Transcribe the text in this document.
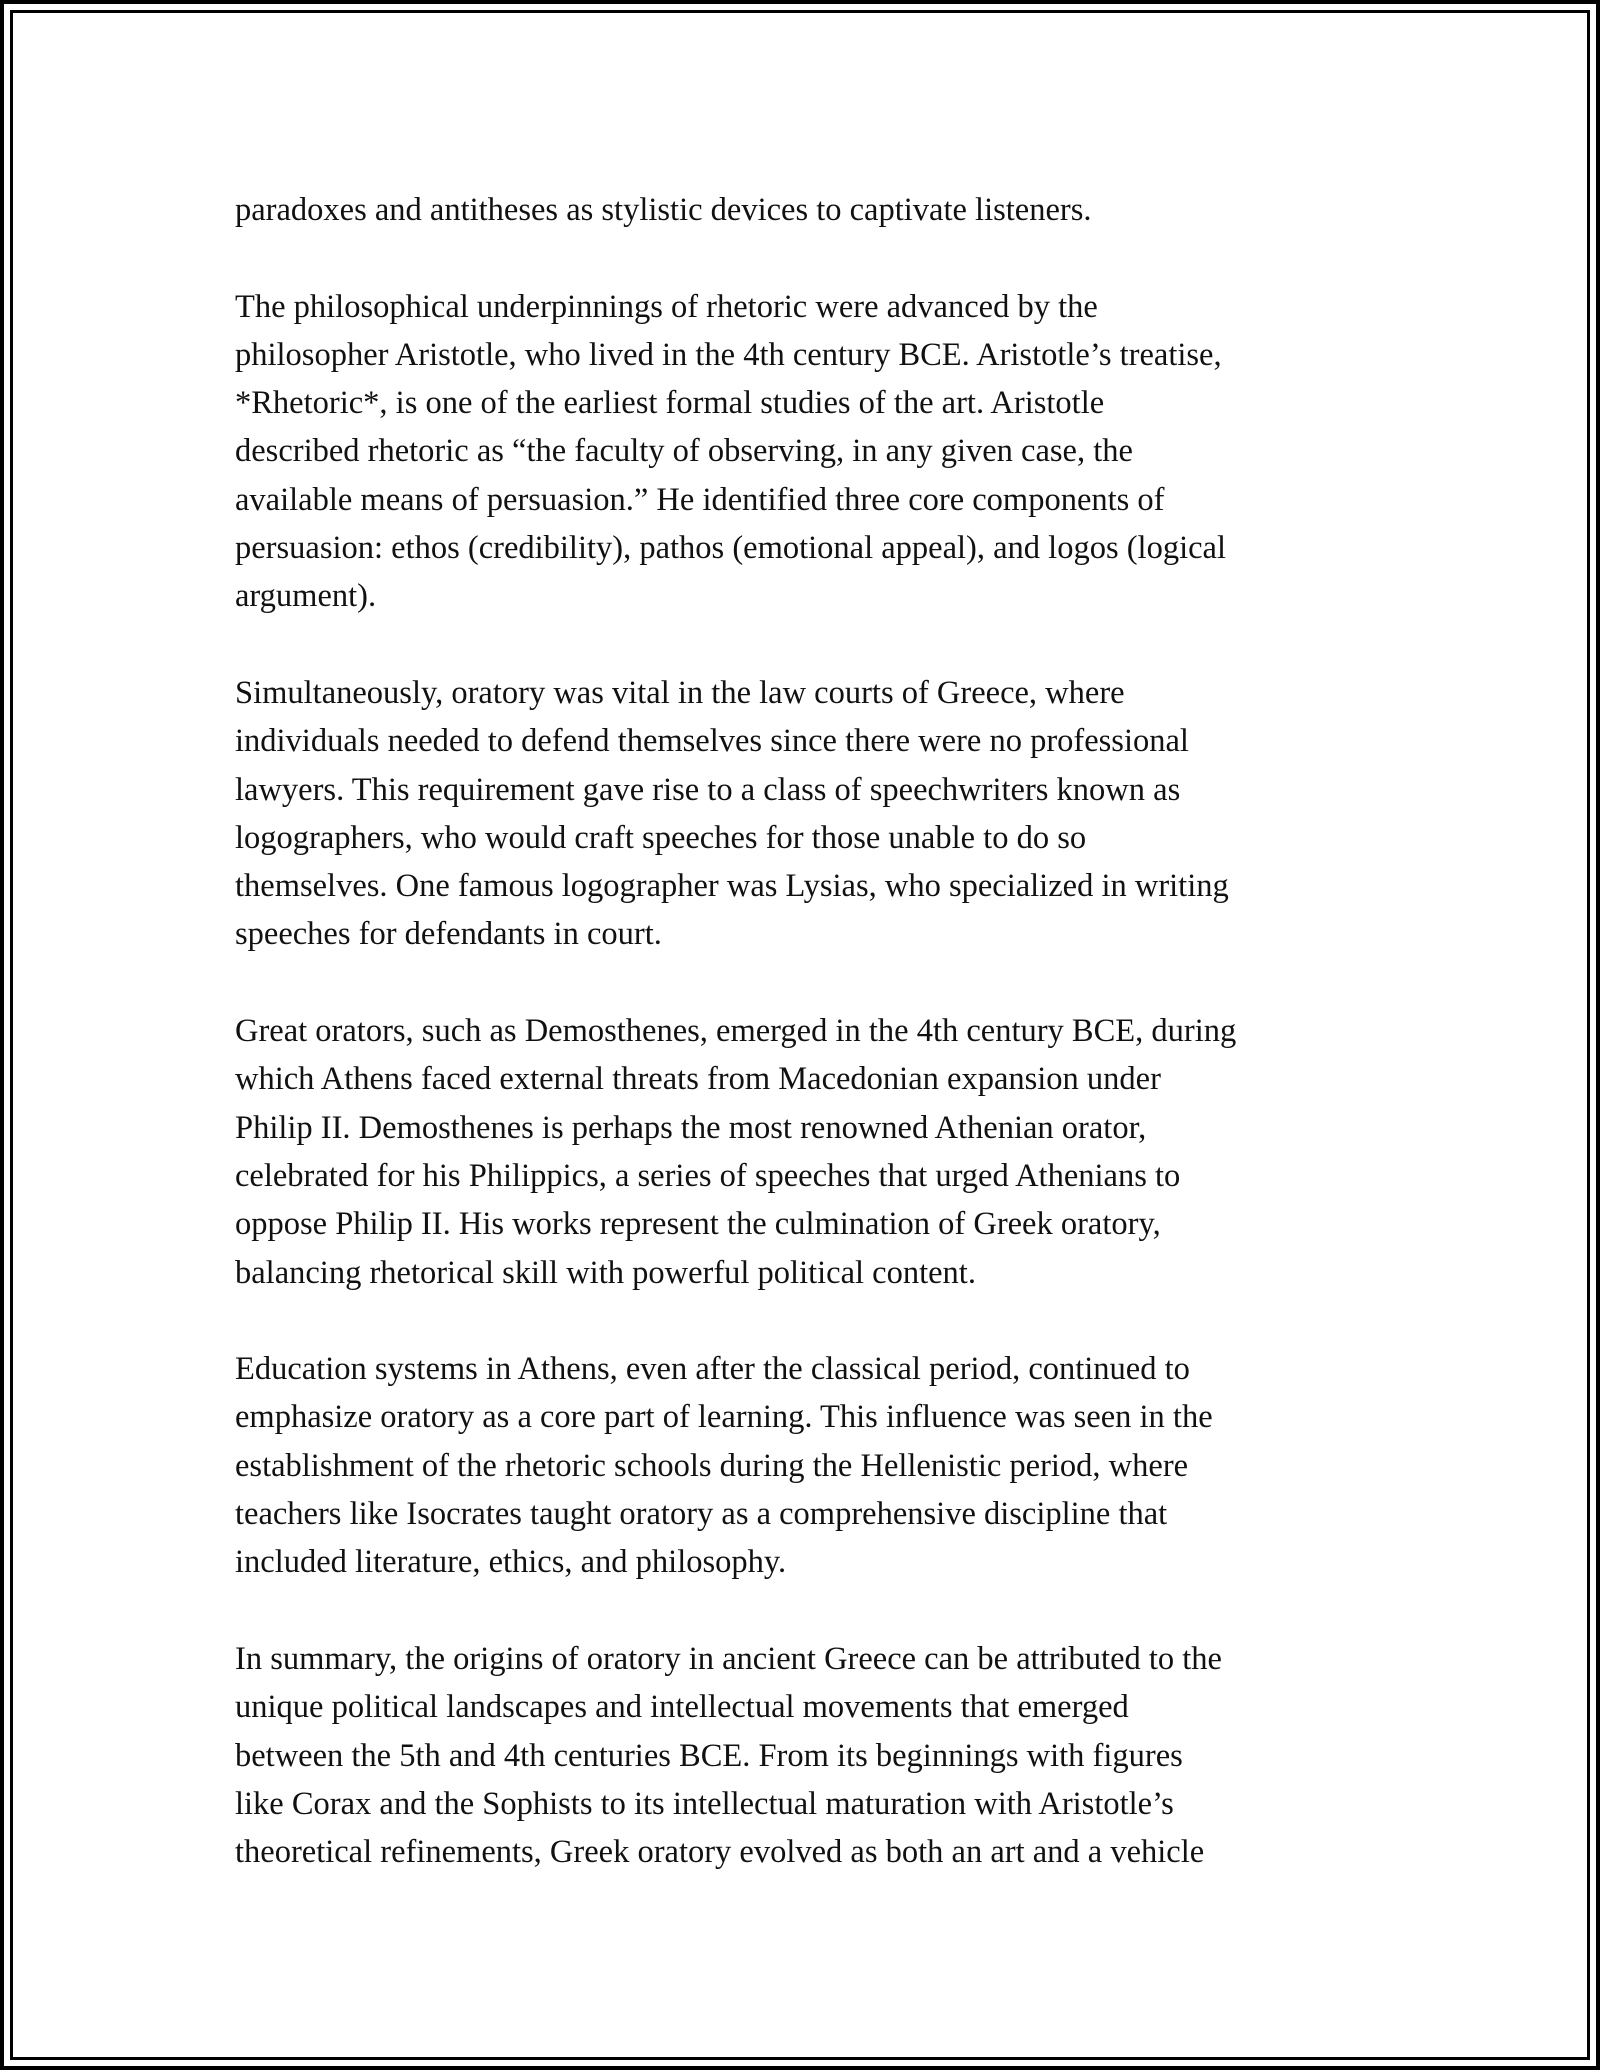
paradoxes and antitheses as stylistic devices to captivate listeners.

The philosophical underpinnings of rhetoric were advanced by the
philosopher Aristotle, who lived in the 4th century BCE. Aristotle’s treatise,
*Rhetoric*, is one of the earliest formal studies of the art. Aristotle
described rhetoric as “the faculty of observing, in any given case, the
available means of persuasion.” He identified three core components of
persuasion: ethos (credibility), pathos (emotional appeal), and logos (logical
argument).

Simultaneously, oratory was vital in the law courts of Greece, where
individuals needed to defend themselves since there were no professional
lawyers. This requirement gave rise to a class of speechwriters known as
logographers, who would craft speeches for those unable to do so
themselves. One famous logographer was Lysias, who specialized in writing
speeches for defendants in court.

Great orators, such as Demosthenes, emerged in the 4th century BCE, during
which Athens faced external threats from Macedonian expansion under
Philip II. Demosthenes is perhaps the most renowned Athenian orator,
celebrated for his Philippics, a series of speeches that urged Athenians to
oppose Philip II. His works represent the culmination of Greek oratory,
balancing rhetorical skill with powerful political content.

Education systems in Athens, even after the classical period, continued to
emphasize oratory as a core part of learning. This influence was seen in the
establishment of the rhetoric schools during the Hellenistic period, where
teachers like Isocrates taught oratory as a comprehensive discipline that
included literature, ethics, and philosophy.

In summary, the origins of oratory in ancient Greece can be attributed to the
unique political landscapes and intellectual movements that emerged
between the 5th and 4th centuries BCE. From its beginnings with figures
like Corax and the Sophists to its intellectual maturation with Aristotle’s
theoretical refinements, Greek oratory evolved as both an art and a vehicle
